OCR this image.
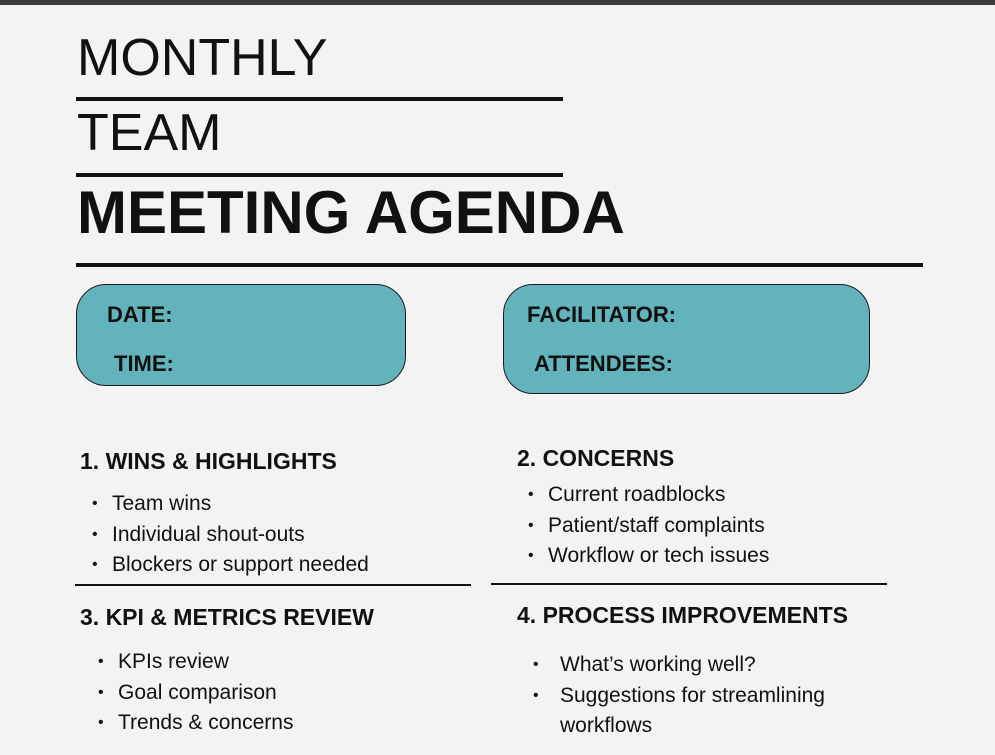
MONTHLY
TEAM
MEETING AGENDA
DATE:
TIME:
FACILITATOR:
ATTENDEES:
1. WINS & HIGHLIGHTS
• Team wins
• Individual shout-outs
• Blockers or support needed
2. CONCERNS
• Current roadblocks
• Patient/staff complaints
• Workflow or tech issues
3. KPI & METRICS REVIEW
• KPIs review
• Goal comparison
• Trends & concerns
4. PROCESS IMPROVEMENTS
• What’s working well?
• Suggestions for streamlining workflows
